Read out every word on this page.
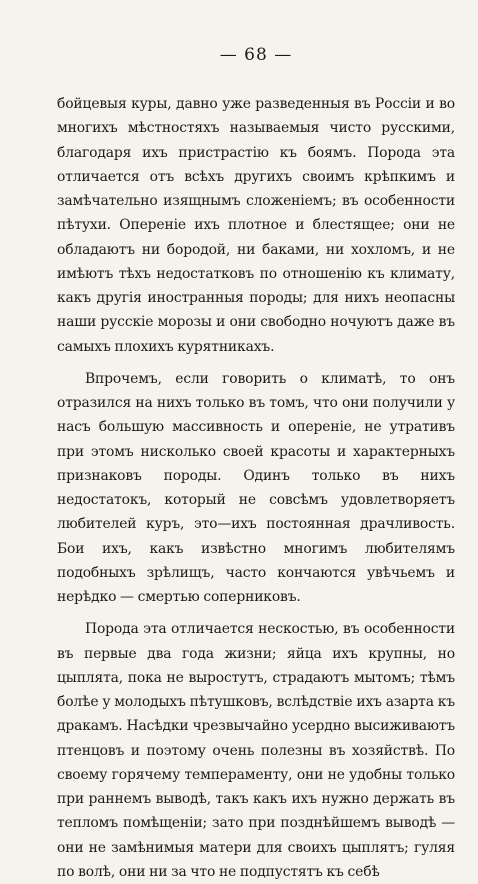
— 68 —

бойцевыя куры, давно уже разведенныя въ Россіи и во многихъ мѣстностяхъ называемыя чисто русскими, благодаря ихъ пристрастію къ боямъ. Порода эта отличается отъ всѣхъ другихъ своимъ крѣпкимъ и замѣчательно изящнымъ сложеніемъ; въ особенности пѣтухи. Опереніе ихъ плотное и блестящее; они не обладаютъ ни бородой, ни баками, ни хохломъ, и не имѣютъ тѣхъ недостатковъ по отношенію къ климату, какъ другія иностранныя породы; для нихъ неопасны наши русскіе морозы и они свободно ночуютъ даже въ самыхъ плохихъ курятникахъ.

Впрочемъ, если говорить о климатѣ, то онъ отразился на нихъ только въ томъ, что они получили у насъ большую массивность и опереніе, не утративъ при этомъ нисколько своей красоты и характерныхъ признаковъ породы. Одинъ только въ нихъ недостатокъ, который не совсѣмъ удовлетворяетъ любителей куръ, это—ихъ постоянная драчливость. Бои ихъ, какъ извѣстно многимъ любителямъ подобныхъ зрѣлищъ, часто кончаются увѣчьемъ и нерѣдко — смертью соперниковъ.

Порода эта отличается нескостью, въ особенности въ первые два года жизни; яйца ихъ крупны, но цыплята, пока не выростутъ, страдаютъ мытомъ; тѣмъ болѣе у молодыхъ пѣтушковъ, вслѣдствіе ихъ азарта къ дракамъ. Насѣдки чрезвычайно усердно высиживаютъ птенцовъ и поэтому очень полезны въ хозяйствѣ. По своему горячему темпераменту, они не удобны только при раннемъ выводѣ, такъ какъ ихъ нужно держать въ тепломъ помѣщеніи; зато при позднѣйшемъ выводѣ — они не замѣнимыя матери для своихъ цыплятъ; гуляя по волѣ, они ни за что не подпустятъ къ себѣ
